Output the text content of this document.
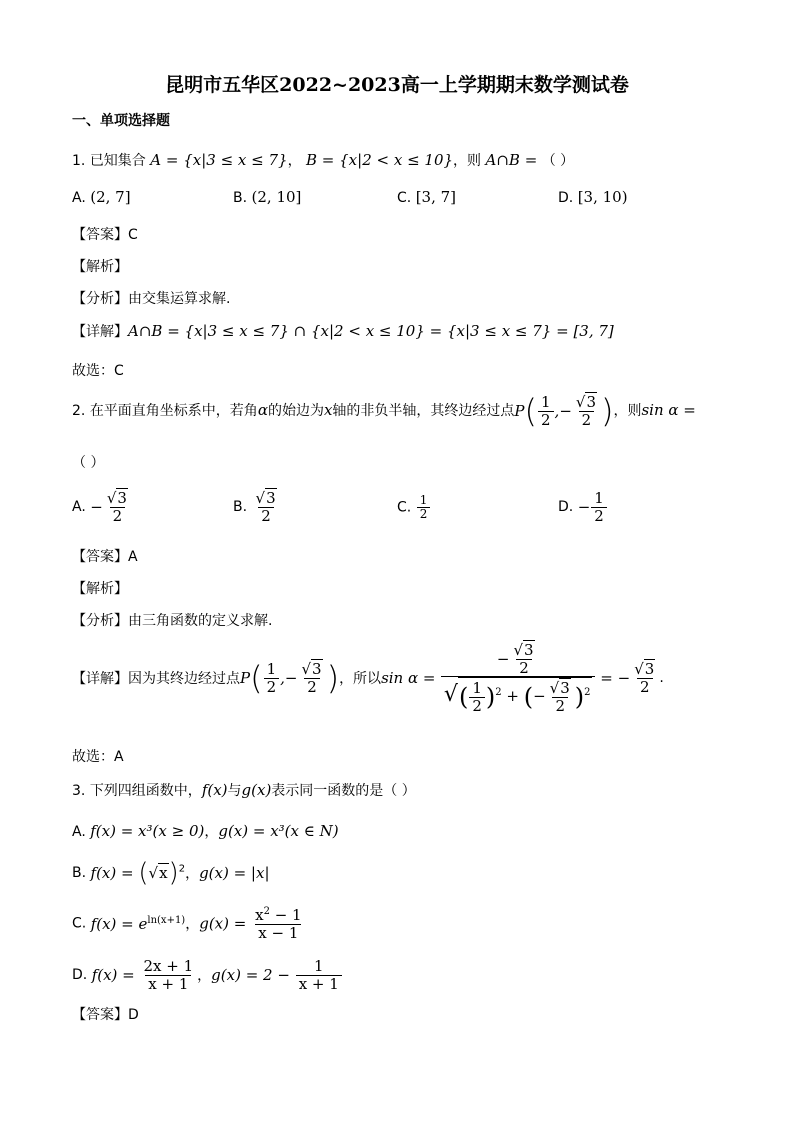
昆明市五华区2022~2023高一上学期期末数学测试卷
一、单项选择题
1. 已知集合 A = {x|3 ≤ x ≤ 7}， B = {x|2 < x ≤ 10}，则 A∩B = （ ）
A. (2, 7]	B. (2, 10]	C. [3, 7]	D. [3, 10)
【答案】C
【解析】
【分析】由交集运算求解.
【详解】A∩B = {x|3 ≤ x ≤ 7} ∩ {x|2 < x ≤ 10} = {x|3 ≤ x ≤ 7} = [3, 7]
故选：C
2. 在平面直角坐标系中，若角α的始边为x轴的非负半轴，其终边经过点$P( \frac{1}{2}$ ,− $\frac{√3}{2}$ )，则sin α =
（ ）
A. − $\frac{√3}{2}$	B. $\frac{√3}{2}$	C. $\frac{1}{2}$	D. − $\frac{1}{2}$
【答案】A
【解析】
【分析】由三角函数的定义求解.
【详解】因为其终边经过点$P( \frac{1}{2}$ ,− $\frac{√3}{2}$ )，所以$\sin \alpha = \frac{- \frac{√3}{2}}{√( \frac{1}{2} )^2 + (- \frac{√3}{2} )^2}$ = − $\frac{√3}{2}$ .
故选：A
3. 下列四组函数中，f(x)与g(x)表示同一函数的是（ ）
A. f(x) = x³(x ≥ 0)，g(x) = x³(x ∈ N)
B. $f(x) = (√x)^2$，g(x) = |x|
C. $f(x) = e^{ln(x+1)}$，$g(x) = \frac{x^2 - 1}{x - 1}$
D. $f(x) = \frac{2x + 1}{x + 1}$ ，$g(x) = 2 - \frac{1}{x + 1}$
【答案】D
